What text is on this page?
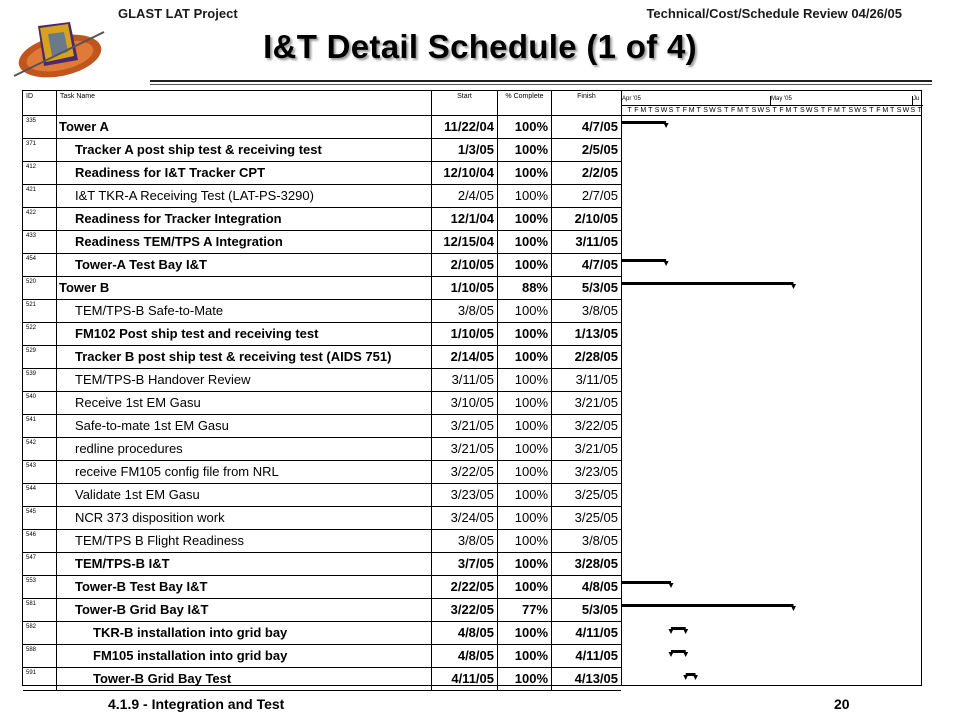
GLAST LAT Project	Technical/Cost/Schedule Review 04/26/05
I&T Detail Schedule (1 of 4)
ID	Task Name	Start	% Complete	Finish
335	Tower A	11/22/04	100%	4/7/05
371	Tracker A post ship test & receiving test	1/3/05	100%	2/5/05
412	Readiness for I&T Tracker CPT	12/10/04	100%	2/2/05
421	I&T TKR-A Receiving Test (LAT-PS-3290)	2/4/05	100%	2/7/05
422	Readiness for Tracker Integration	12/1/04	100%	2/10/05
433	Readiness TEM/TPS A Integration	12/15/04	100%	3/11/05
454	Tower-A Test Bay I&T	2/10/05	100%	4/7/05
520	Tower B	1/10/05	88%	5/3/05
521	TEM/TPS-B Safe-to-Mate	3/8/05	100%	3/8/05
522	FM102 Post ship test and receiving test	1/10/05	100%	1/13/05
529	Tracker B post ship test & receiving test (AIDS 751)	2/14/05	100%	2/28/05
539	TEM/TPS-B Handover Review	3/11/05	100%	3/11/05
540	Receive 1st EM Gasu	3/10/05	100%	3/21/05
541	Safe-to-mate 1st EM Gasu	3/21/05	100%	3/22/05
542	redline procedures	3/21/05	100%	3/21/05
543	receive FM105 config file from NRL	3/22/05	100%	3/23/05
544	Validate 1st EM Gasu	3/23/05	100%	3/25/05
545	NCR 373 disposition work	3/24/05	100%	3/25/05
546	TEM/TPS B Flight Readiness	3/8/05	100%	3/8/05
547	TEM/TPS-B I&T	3/7/05	100%	3/28/05
553	Tower-B Test Bay I&T	2/22/05	100%	4/8/05
581	Tower-B Grid Bay I&T	3/22/05	77%	5/3/05
582	TKR-B installation into grid bay	4/8/05	100%	4/11/05
588	FM105 installation into grid bay	4/8/05	100%	4/11/05
591	Tower-B Grid Bay Test	4/11/05	100%	4/13/05
Apr '05	May '05	Ju
T F M T S W S T F M T S W S T F M T S W S T F M T S W S T F M T S W S T F M T S W S T
4.1.9 - Integration and Test	20
